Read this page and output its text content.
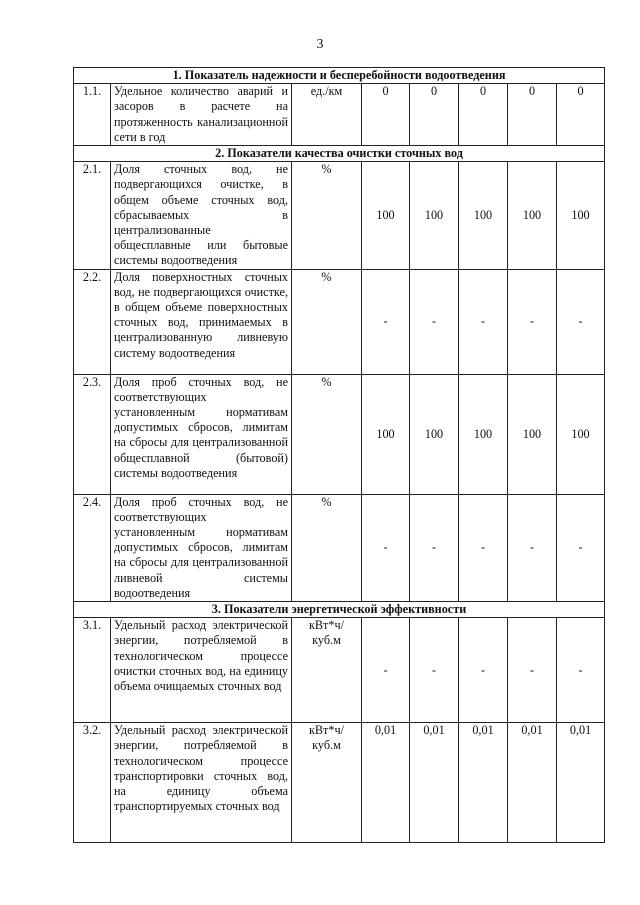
3
1. Показатель надежности и бесперебойности водоотведения							
1.1.	Удельное количество аварий и засоров в расчете на протяженность канализационной сети в год	ед./км	0	0	0	0	0
2. Показатели качества очистки сточных вод							
2.1.	Доля сточных вод, не подвергающихся очистке, в общем объеме сточных вод, сбрасываемых в централизованные общесплавные или бытовые системы водоотведения	%	100	100	100	100	100
2.2.	Доля поверхностных сточных вод, не подвергающихся очистке, в общем объеме поверхностных сточных вод, принимаемых в централизованную ливневую систему водоотведения	%	-	-	-	-	-
2.3.	Доля проб сточных вод, не соответствующих установленным нормативам допустимых сбросов, лимитам на сбросы для централизованной общесплавной (бытовой) системы водоотведения	%	100	100	100	100	100
2.4.	Доля проб сточных вод, не соответствующих установленным нормативам допустимых сбросов, лимитам на сбросы для централизованной ливневой системы водоотведения	%	-	-	-	-	-
3. Показатели энергетической эффективности							
3.1.	Удельный расход электрической энергии, потребляемой в технологическом процессе очистки сточных вод, на единицу объема очищаемых сточных вод	кВт*ч/ куб.м	-	-	-	-	-
3.2.	Удельный расход электрической энергии, потребляемой в технологическом процессе транспортировки сточных вод, на единицу объема транспортируемых сточных вод	кВт*ч/ куб.м	0,01	0,01	0,01	0,01	0,01
